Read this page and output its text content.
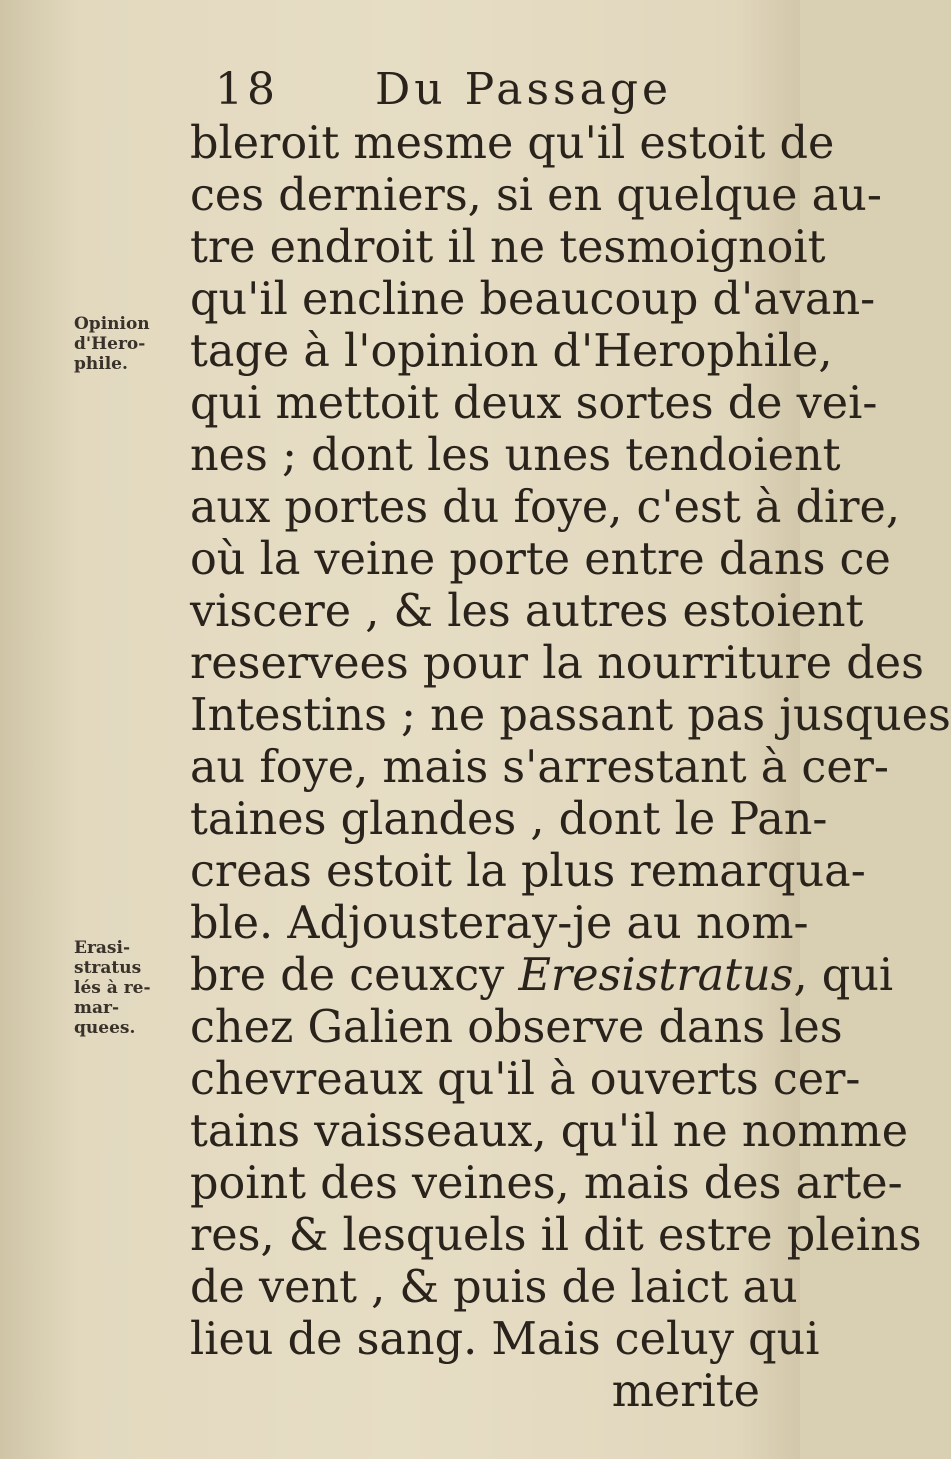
18 Du Passage
Opinion
d'Hero-
phile.
Erasi-
stratus
lés à re-
mar-
quees.
bleroit mesme qu'il estoit de
ces derniers, si en quelque au-
tre endroit il ne tesmoignoit
qu'il encline beaucoup d'avan-
tage à l'opinion d'Herophile,
qui mettoit deux sortes de vei-
nes ; dont les unes tendoient
aux portes du foye, c'est à dire,
où la veine porte entre dans ce
viscere , & les autres estoient
reservees pour la nourriture des
Intestins ; ne passant pas jusques
au foye, mais s'arrestant à cer-
taines glandes , dont le Pan-
creas estoit la plus remarqua-
ble. Adjousteray-je au nom-
bre de ceuxcy Eresistratus, qui
chez Galien observe dans les
chevreaux qu'il à ouverts cer-
tains vaisseaux, qu'il ne nomme
point des veines, mais des arte-
res, & lesquels il dit estre pleins
de vent , & puis de laict au
lieu de sang. Mais celuy qui
merite
